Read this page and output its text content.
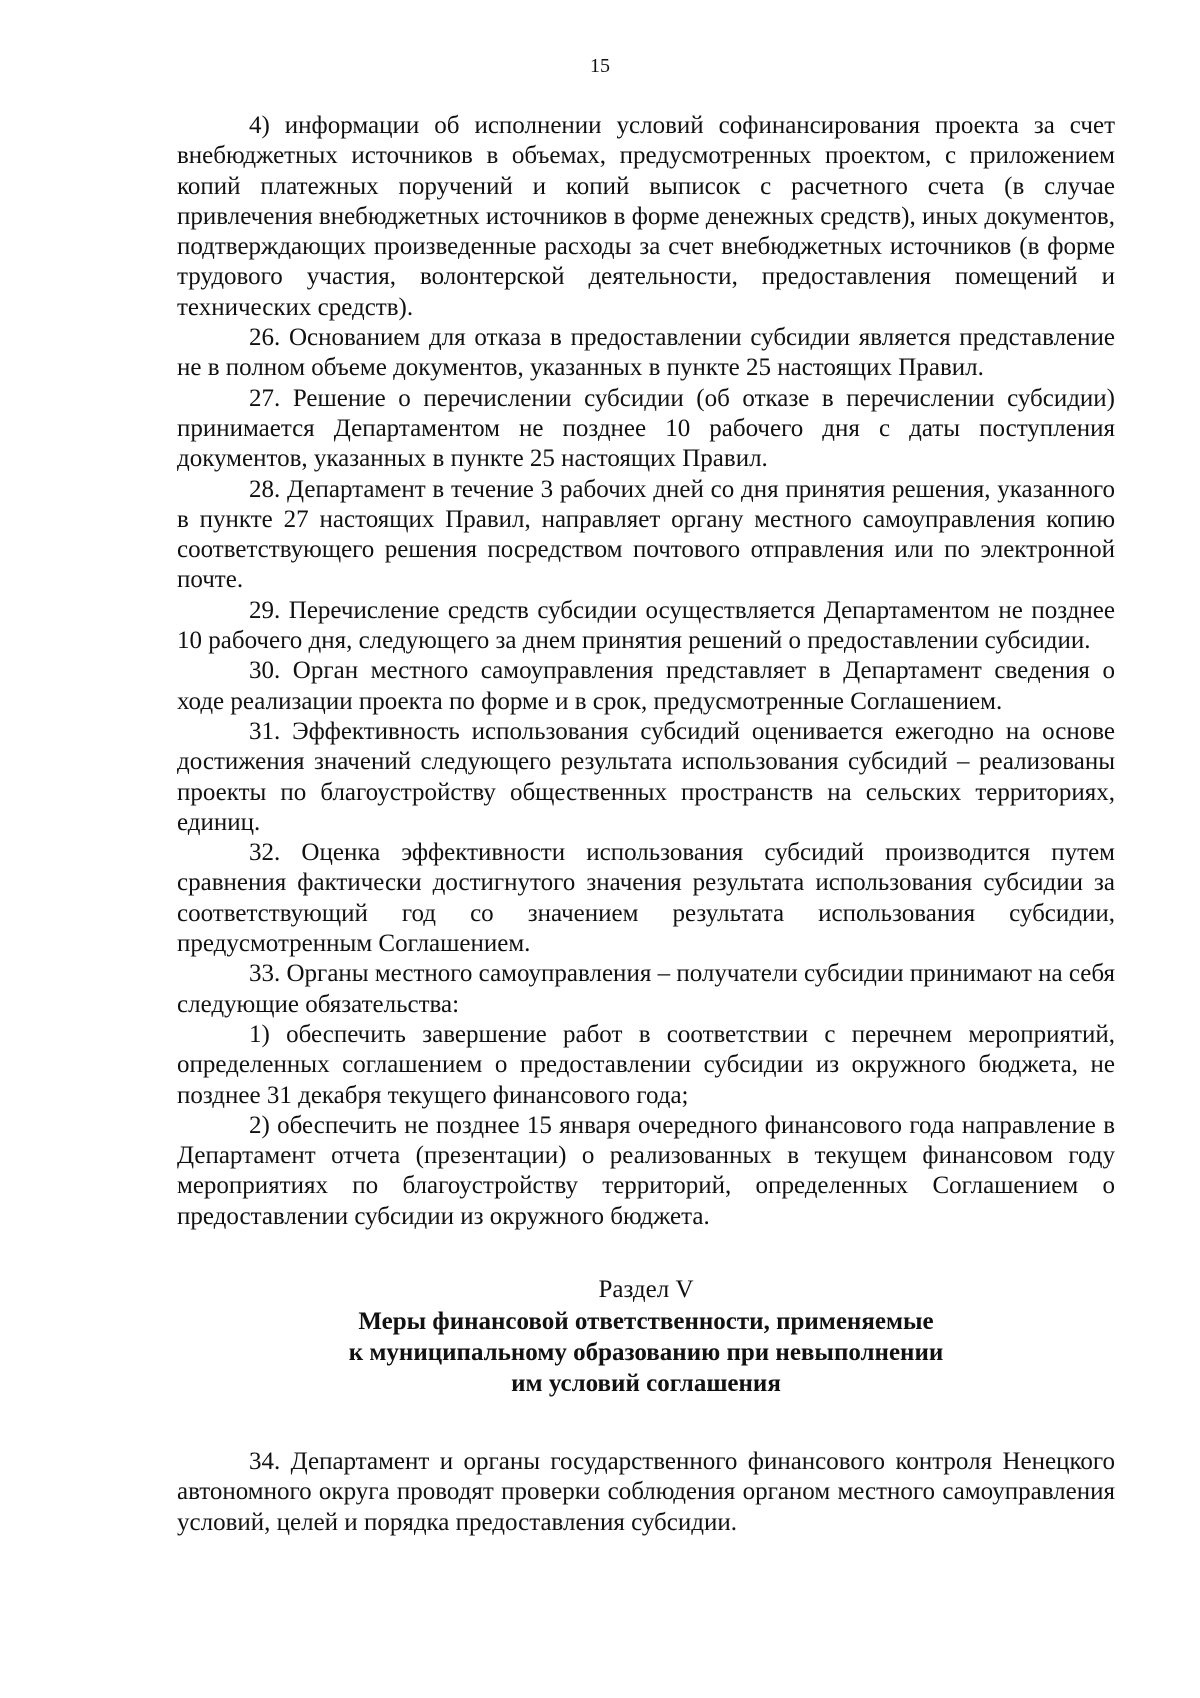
15

4) информации об исполнении условий софинансирования проекта за счет внебюджетных источников в объемах, предусмотренных проектом, с приложением копий платежных поручений и копий выписок с расчетного счета (в случае привлечения внебюджетных источников в форме денежных средств), иных документов, подтверждающих произведенные расходы за счет внебюджетных источников (в форме трудового участия, волонтерской деятельности, предоставления помещений и технических средств).

26. Основанием для отказа в предоставлении субсидии является представление не в полном объеме документов, указанных в пункте 25 настоящих Правил.

27. Решение о перечислении субсидии (об отказе в перечислении субсидии) принимается Департаментом не позднее 10 рабочего дня с даты поступления документов, указанных в пункте 25 настоящих Правил.

28. Департамент в течение 3 рабочих дней со дня принятия решения, указанного в пункте 27 настоящих Правил, направляет органу местного самоуправления копию соответствующего решения посредством почтового отправления или по электронной почте.

29. Перечисление средств субсидии осуществляется Департаментом не позднее 10 рабочего дня, следующего за днем принятия решений о предоставлении субсидии.

30. Орган местного самоуправления представляет в Департамент сведения о ходе реализации проекта по форме и в срок, предусмотренные Соглашением.

31. Эффективность использования субсидий оценивается ежегодно на основе достижения значений следующего результата использования субсидий – реализованы проекты по благоустройству общественных пространств на сельских территориях, единиц.

32. Оценка эффективности использования субсидий производится путем сравнения фактически достигнутого значения результата использования субсидии за соответствующий год со значением результата использования субсидии, предусмотренным Соглашением.

33. Органы местного самоуправления – получатели субсидии принимают на себя следующие обязательства:

1) обеспечить завершение работ в соответствии с перечнем мероприятий, определенных соглашением о предоставлении субсидии из окружного бюджета, не позднее 31 декабря текущего финансового года;

2) обеспечить не позднее 15 января очередного финансового года направление в Департамент отчета (презентации) о реализованных в текущем финансовом году мероприятиях по благоустройству территорий, определенных Соглашением о предоставлении субсидии из окружного бюджета.

Раздел V
Меры финансовой ответственности, применяемые
к муниципальному образованию при невыполнении
им условий соглашения

34. Департамент и органы государственного финансового контроля Ненецкого автономного округа проводят проверки соблюдения органом местного самоуправления условий, целей и порядка предоставления субсидии.
